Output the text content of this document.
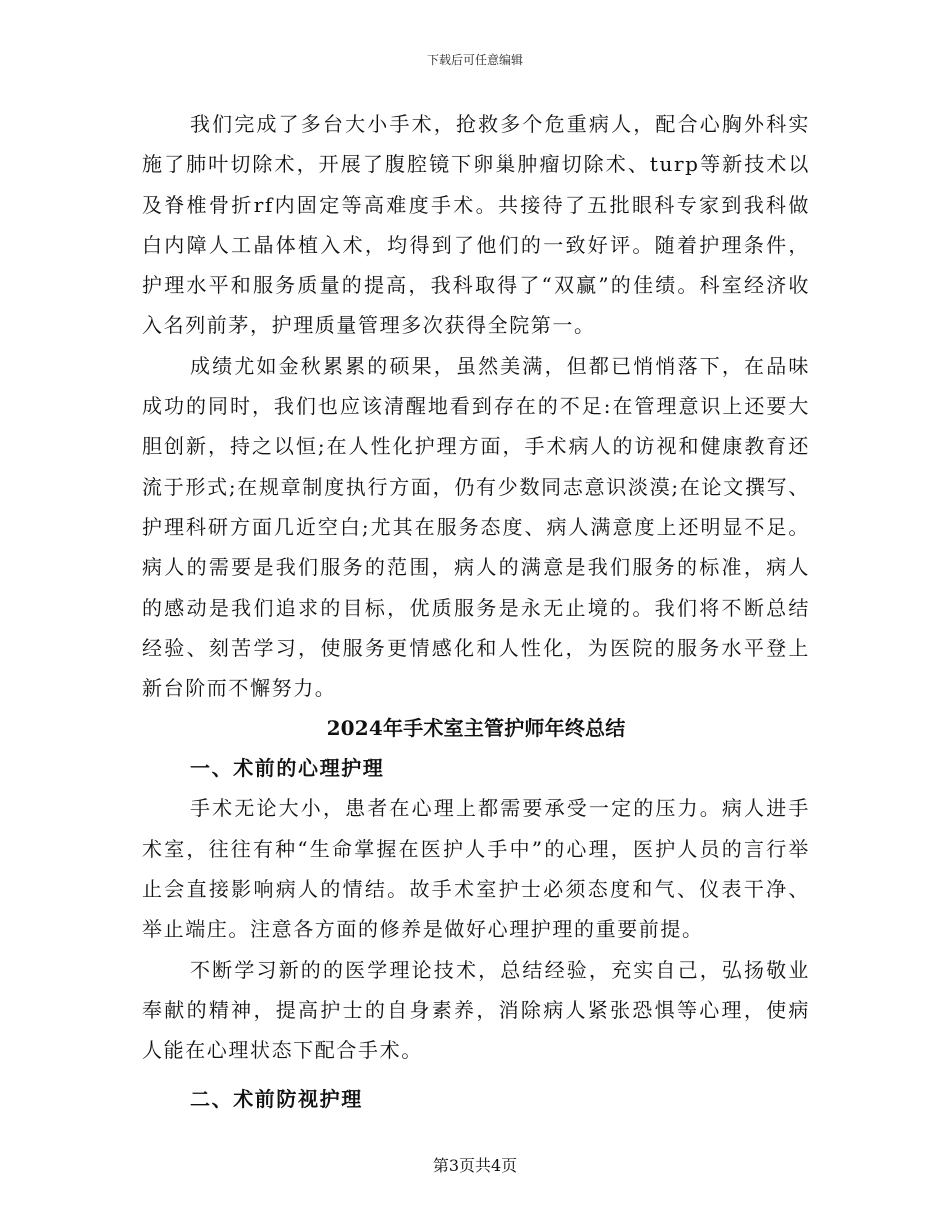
下载后可任意编辑

我们完成了多台大小手术，抢救多个危重病人，配合心胸外科实施了肺叶切除术，开展了腹腔镜下卵巢肿瘤切除术、turp等新技术以及脊椎骨折rf内固定等高难度手术。共接待了五批眼科专家到我科做白内障人工晶体植入术，均得到了他们的一致好评。随着护理条件，护理水平和服务质量的提高，我科取得了“双赢”的佳绩。科室经济收入名列前茅，护理质量管理多次获得全院第一。

成绩尤如金秋累累的硕果，虽然美满，但都已悄悄落下，在品味成功的同时，我们也应该清醒地看到存在的不足:在管理意识上还要大胆创新，持之以恒;在人性化护理方面，手术病人的访视和健康教育还流于形式;在规章制度执行方面，仍有少数同志意识淡漠;在论文撰写、护理科研方面几近空白;尤其在服务态度、病人满意度上还明显不足。病人的需要是我们服务的范围，病人的满意是我们服务的标准，病人的感动是我们追求的目标，优质服务是永无止境的。我们将不断总结经验、刻苦学习，使服务更情感化和人性化，为医院的服务水平登上新台阶而不懈努力。

2024年手术室主管护师年终总结
一、术前的心理护理

手术无论大小，患者在心理上都需要承受一定的压力。病人进手术室，往往有种“生命掌握在医护人手中”的心理，医护人员的言行举止会直接影响病人的情结。故手术室护士必须态度和气、仪表干净、举止端庄。注意各方面的修养是做好心理护理的重要前提。

不断学习新的的医学理论技术，总结经验，充实自己，弘扬敬业奉献的精神，提高护士的自身素养，消除病人紧张恐惧等心理，使病人能在心理状态下配合手术。

二、术前防视护理
第3页共4页
